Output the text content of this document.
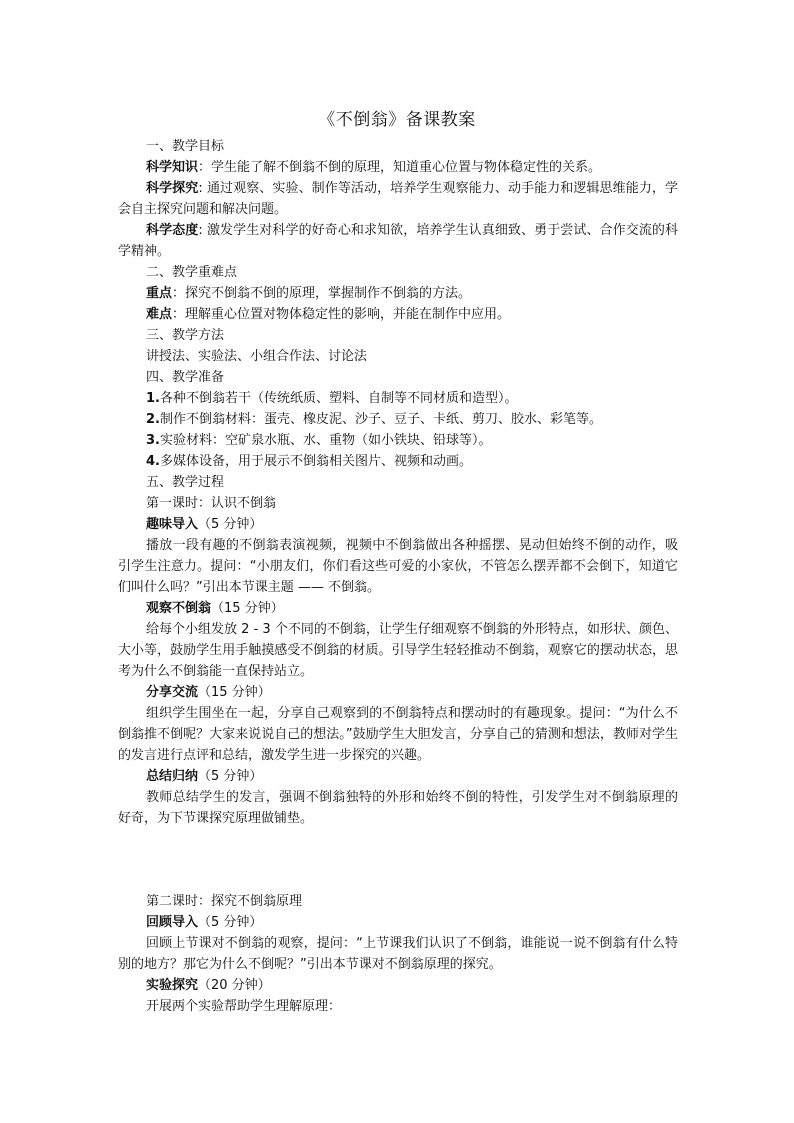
《不倒翁》备课教案

一、教学目标

科学知识：学生能了解不倒翁不倒的原理，知道重心位置与物体稳定性的关系。

科学探究: 通过观察、实验、制作等活动，培养学生观察能力、动手能力和逻辑思维能力，学会自主探究问题和解决问题。

科学态度: 激发学生对科学的好奇心和求知欲，培养学生认真细致、勇于尝试、合作交流的科学精神。

二、教学重难点

重点：探究不倒翁不倒的原理，掌握制作不倒翁的方法。

难点：理解重心位置对物体稳定性的影响，并能在制作中应用。

三、教学方法

讲授法、实验法、小组合作法、讨论法

四、教学准备

1.各种不倒翁若干（传统纸质、塑料、自制等不同材质和造型）。

2.制作不倒翁材料：蛋壳、橡皮泥、沙子、豆子、卡纸、剪刀、胶水、彩笔等。

3.实验材料：空矿泉水瓶、水、重物（如小铁块、铅球等）。

4.多媒体设备，用于展示不倒翁相关图片、视频和动画。

五、教学过程

第一课时：认识不倒翁

趣味导入（5 分钟）

播放一段有趣的不倒翁表演视频，视频中不倒翁做出各种摇摆、晃动但始终不倒的动作，吸引学生注意力。提问：“小朋友们，你们看这些可爱的小家伙，不管怎么摆弄都不会倒下，知道它们叫什么吗？”引出本节课主题 —— 不倒翁。

观察不倒翁（15 分钟）

给每个小组发放 2 - 3 个不同的不倒翁，让学生仔细观察不倒翁的外形特点，如形状、颜色、大小等，鼓励学生用手触摸感受不倒翁的材质。引导学生轻轻推动不倒翁，观察它的摆动状态，思考为什么不倒翁能一直保持站立。

分享交流（15 分钟）

组织学生围坐在一起，分享自己观察到的不倒翁特点和摆动时的有趣现象。提问：“为什么不倒翁推不倒呢？大家来说说自己的想法。”鼓励学生大胆发言，分享自己的猜测和想法，教师对学生的发言进行点评和总结，激发学生进一步探究的兴趣。

总结归纳（5 分钟）

教师总结学生的发言，强调不倒翁独特的外形和始终不倒的特性，引发学生对不倒翁原理的好奇，为下节课探究原理做铺垫。

第二课时：探究不倒翁原理

回顾导入（5 分钟）

回顾上节课对不倒翁的观察，提问：“上节课我们认识了不倒翁，谁能说一说不倒翁有什么特别的地方？那它为什么不倒呢？”引出本节课对不倒翁原理的探究。

实验探究（20 分钟）

开展两个实验帮助学生理解原理：
